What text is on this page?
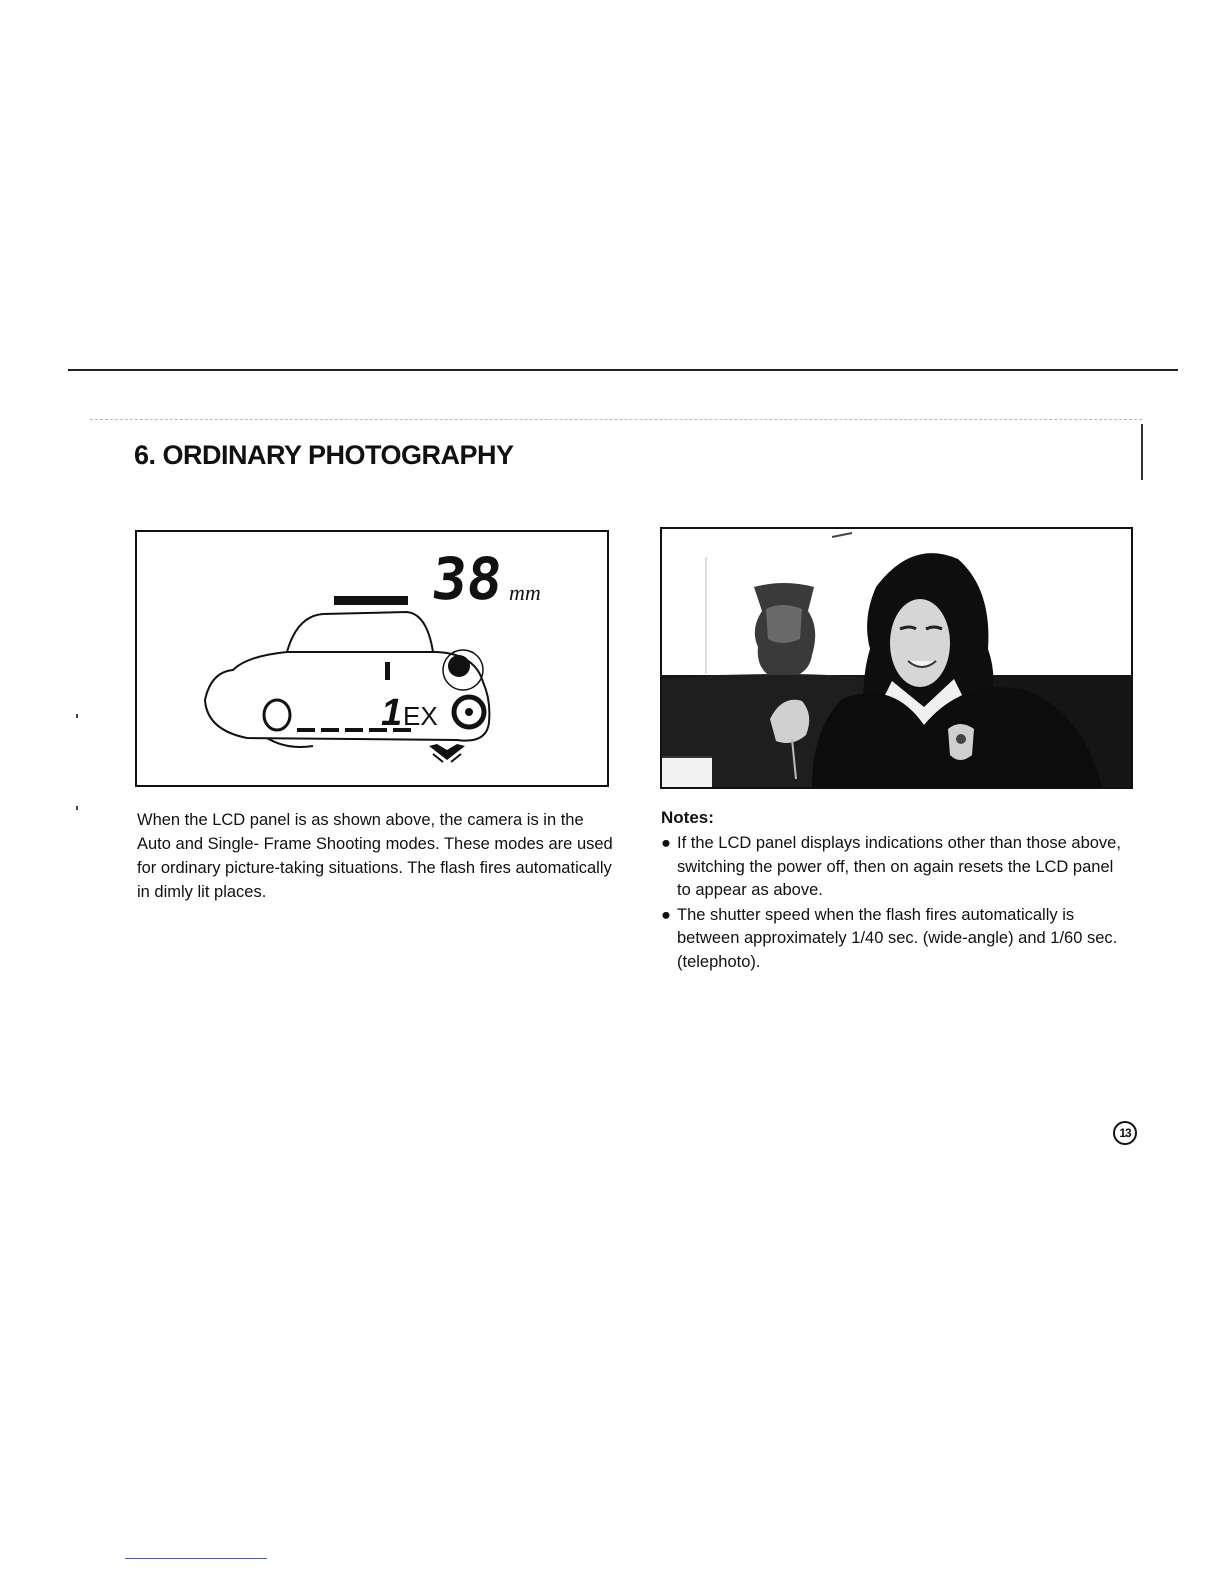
6. ORDINARY PHOTOGRAPHY
38 mm
1 EX

When the LCD panel is as shown above, the camera is in the Auto and Single- Frame Shooting modes. These modes are used for ordinary picture-taking situations. The flash fires automatically in dimly lit places.

Notes:

● If the LCD panel displays indications other than those above, switching the power off, then on again resets the LCD panel to appear as above.
● The shutter speed when the flash fires automatically is between approximately 1/40 sec. (wide-angle) and 1/60 sec. (telephoto).
13
